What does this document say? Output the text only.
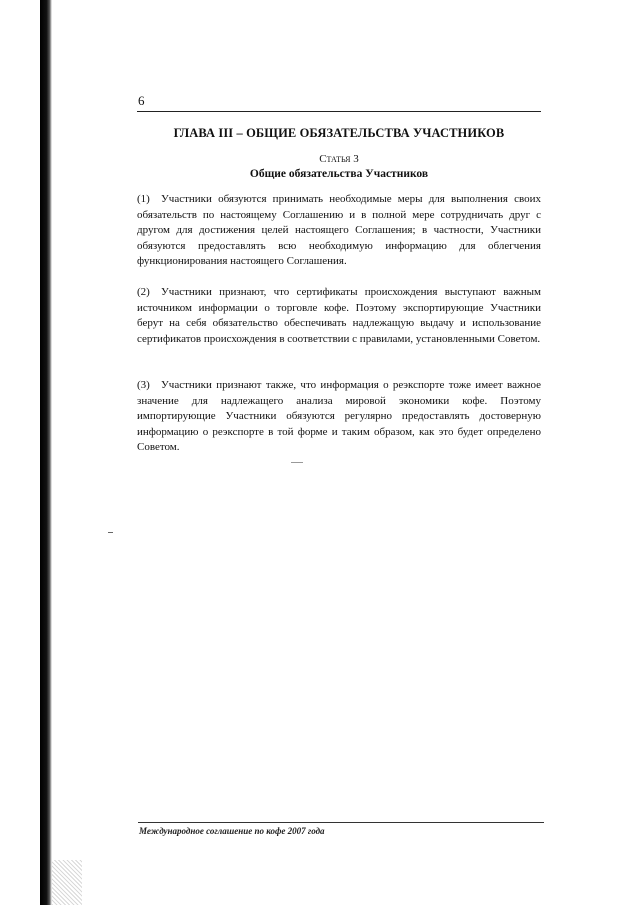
6
ГЛАВА III – ОБЩИЕ ОБЯЗАТЕЛЬСТВА УЧАСТНИКОВ
Статья 3
Общие обязательства Участников

(1) Участники обязуются принимать необходимые меры для выполнения своих обязательств по настоящему Соглашению и в полной мере сотрудничать друг с другом для достижения целей настоящего Соглашения; в частности, Участники обязуются предоставлять всю необходимую информацию для облегчения функционирования настоящего Соглашения.

(2) Участники признают, что сертификаты происхождения выступают важным источником информации о торговле кофе. Поэтому экспортирующие Участники берут на себя обязательство обеспечивать надлежащую выдачу и использование сертификатов происхождения в соответствии с правилами, установленными Советом.

(3) Участники признают также, что информация о реэкспорте тоже имеет важное значение для надлежащего анализа мировой экономики кофе. Поэтому импортирующие Участники обязуются регулярно предоставлять достоверную информацию о реэкспорте в той форме и таким образом, как это будет определено Советом.

Международное соглашение по кофе 2007 года
